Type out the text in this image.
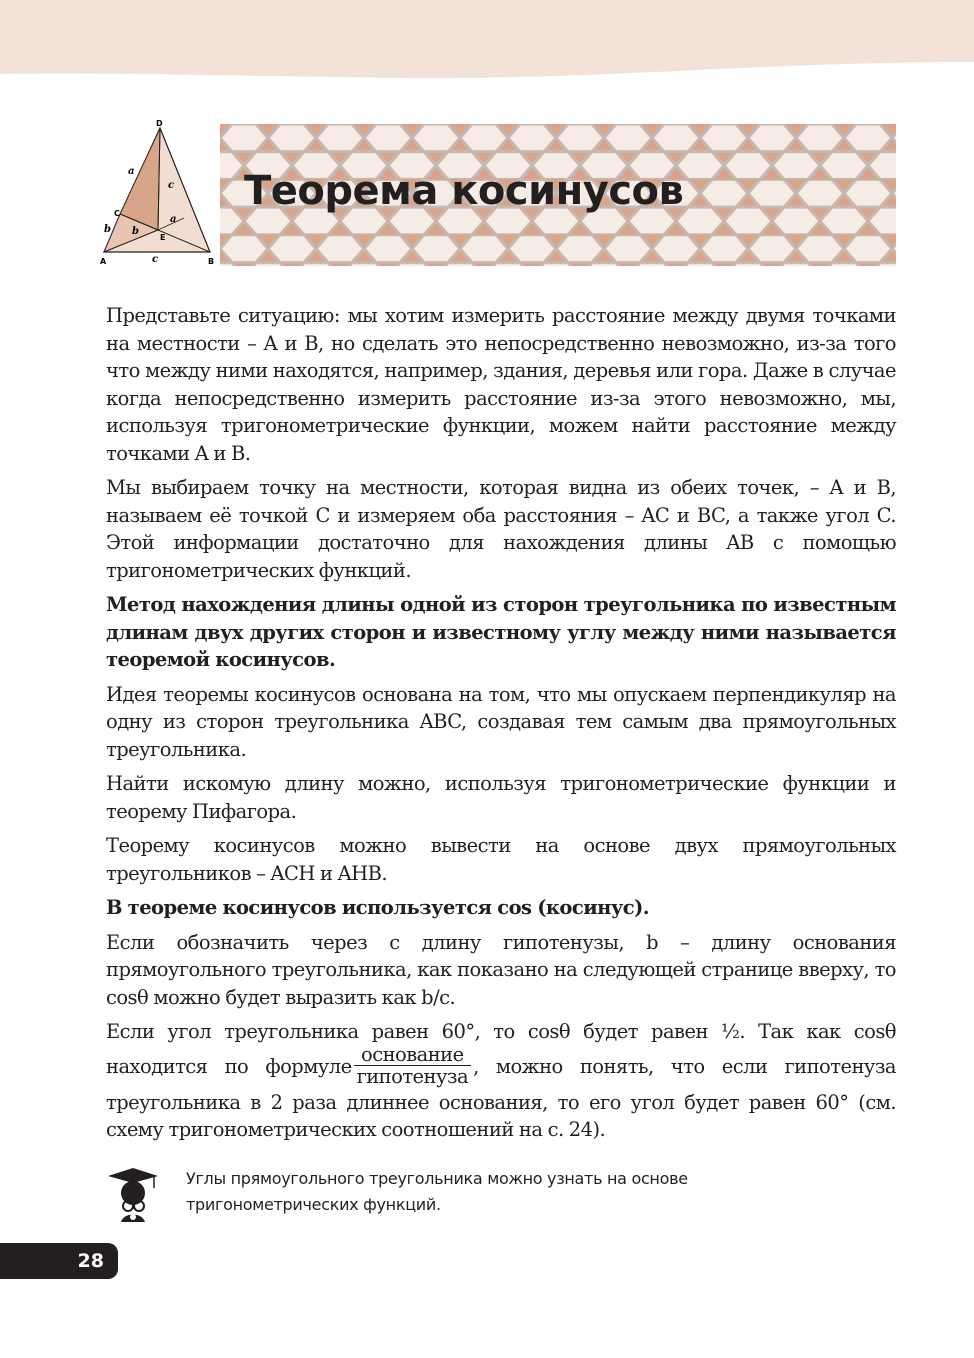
D
A	B
C
E
a
a
b b
c
c
Теорема косинусов

Представьте ситуацию: мы хотим измерить расстояние между двумя точками на местности – A и B, но сделать это непосредственно невозможно, из-за того что между ними находятся, например, здания, деревья или гора. Даже в случае когда непосредственно измерить расстояние из-за этого невозможно, мы, используя тригонометрические функции, можем найти расстояние между точками A и B.

Мы выбираем точку на местности, которая видна из обеих точек, – A и B, называем её точкой C и измеряем оба расстояния – AC и BC, а также угол C. Этой информации достаточно для нахождения длины AB с помощью тригонометрических функций.

Метод нахождения длины одной из сторон треугольника по известным длинам двух других сторон и известному углу между ними называется теоремой косинусов.

Идея теоремы косинусов основана на том, что мы опускаем перпендикуляр на одну из сторон треугольника ABC, создавая тем самым два прямоугольных треугольника.

Найти искомую длину можно, используя тригонометрические функции и теорему Пифагора.

Теорему косинусов можно вывести на основе двух прямоугольных треугольников – ACH и AHB.

В теореме косинусов используется cos (косинус).

Если обозначить через c длину гипотенузы, b – длину основания прямоугольного треугольника, как показано на следующей странице вверху, то cosθ можно будет выразить как b/c.

Если угол треугольника равен 60°, то cosθ будет равен ½. Так как cosθ находится по формуле $\frac{\text{основание}}{\text{гипотенуза}}$ , можно понять, что если гипотенуза треугольника в 2 раза длиннее основания, то его угол будет равен 60° (см. схему тригонометрических соотношений на с. 24).

Углы прямоугольного треугольника можно узнать на основе тригонометрических функций.
28
